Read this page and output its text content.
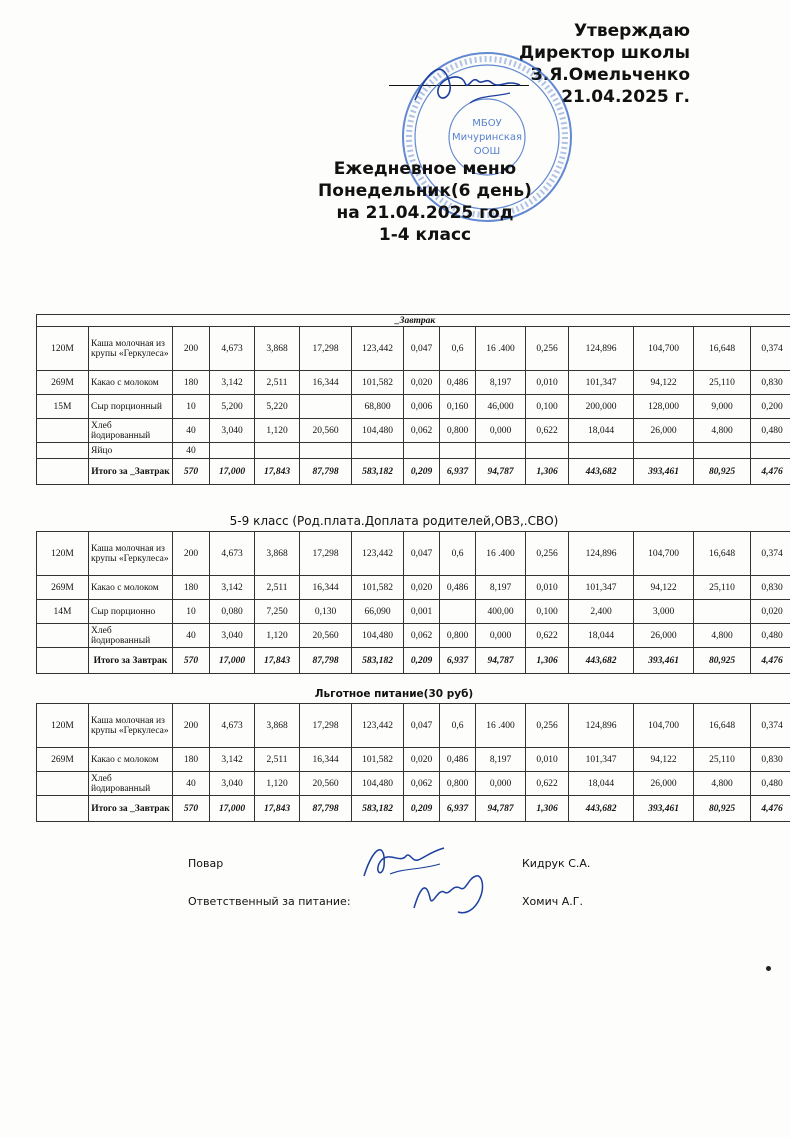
Утверждаю
Директор школы
З.Я.Омельченко
21.04.2025 г.
МБОУ
Мичуринская
ООШ
Ежедневное меню
Понедельник(6 день)
на 21.04.2025 год
1-4 класс
_Завтрак														
120М	Каша молочная из крупы «Геркулеса»	200	4,673	3,868	17,298	123,442	0,047	0,6	16 .400	0,256	124,896	104,700	16,648	0,374
269М	Какао с молоком	180	3,142	2,511	16,344	101,582	0,020	0,486	8,197	0,010	101,347	94,122	25,110	0,830
15М	Сыр порционный	10	5,200	5,220		68,800	0,006	0,160	46,000	0,100	200,000	128,000	9,000	0,200
	Хлеб йодированный	40	3,040	1,120	20,560	104,480	0,062	0,800	0,000	0,622	18,044	26,000	4,800	0,480
	Яйцо	40												
	Итого за _Завтрак	570	17,000	17,843	87,798	583,182	0,209	6,937	94,787	1,306	443,682	393,461	80,925	4,476
5-9 класс (Род.плата.Доплата родителей,ОВЗ,.СВО)
120М	Каша молочная из крупы «Геркулеса»	200	4,673	3,868	17,298	123,442	0,047	0,6	16 .400	0,256	124,896	104,700	16,648	0,374
269М	Какао с молоком	180	3,142	2,511	16,344	101,582	0,020	0,486	8,197	0,010	101,347	94,122	25,110	0,830
14М	Сыр порционно	10	0,080	7,250	0,130	66,090	0,001		400,00	0,100	2,400	3,000		0,020
	Хлеб йодированный	40	3,040	1,120	20,560	104,480	0,062	0,800	0,000	0,622	18,044	26,000	4,800	0,480
	Итого за Завтрак	570	17,000	17,843	87,798	583,182	0,209	6,937	94,787	1,306	443,682	393,461	80,925	4,476
Льготное питание(30 руб)
120М	Каша молочная из крупы «Геркулеса»	200	4,673	3,868	17,298	123,442	0,047	0,6	16 .400	0,256	124,896	104,700	16,648	0,374
269М	Какао с молоком	180	3,142	2,511	16,344	101,582	0,020	0,486	8,197	0,010	101,347	94,122	25,110	0,830
	Хлеб йодированный	40	3,040	1,120	20,560	104,480	0,062	0,800	0,000	0,622	18,044	26,000	4,800	0,480
	Итого за _Завтрак	570	17,000	17,843	87,798	583,182	0,209	6,937	94,787	1,306	443,682	393,461	80,925	4,476
Повар	Кидрук С.А.
Ответственный за питание:	Хомич А.Г.
